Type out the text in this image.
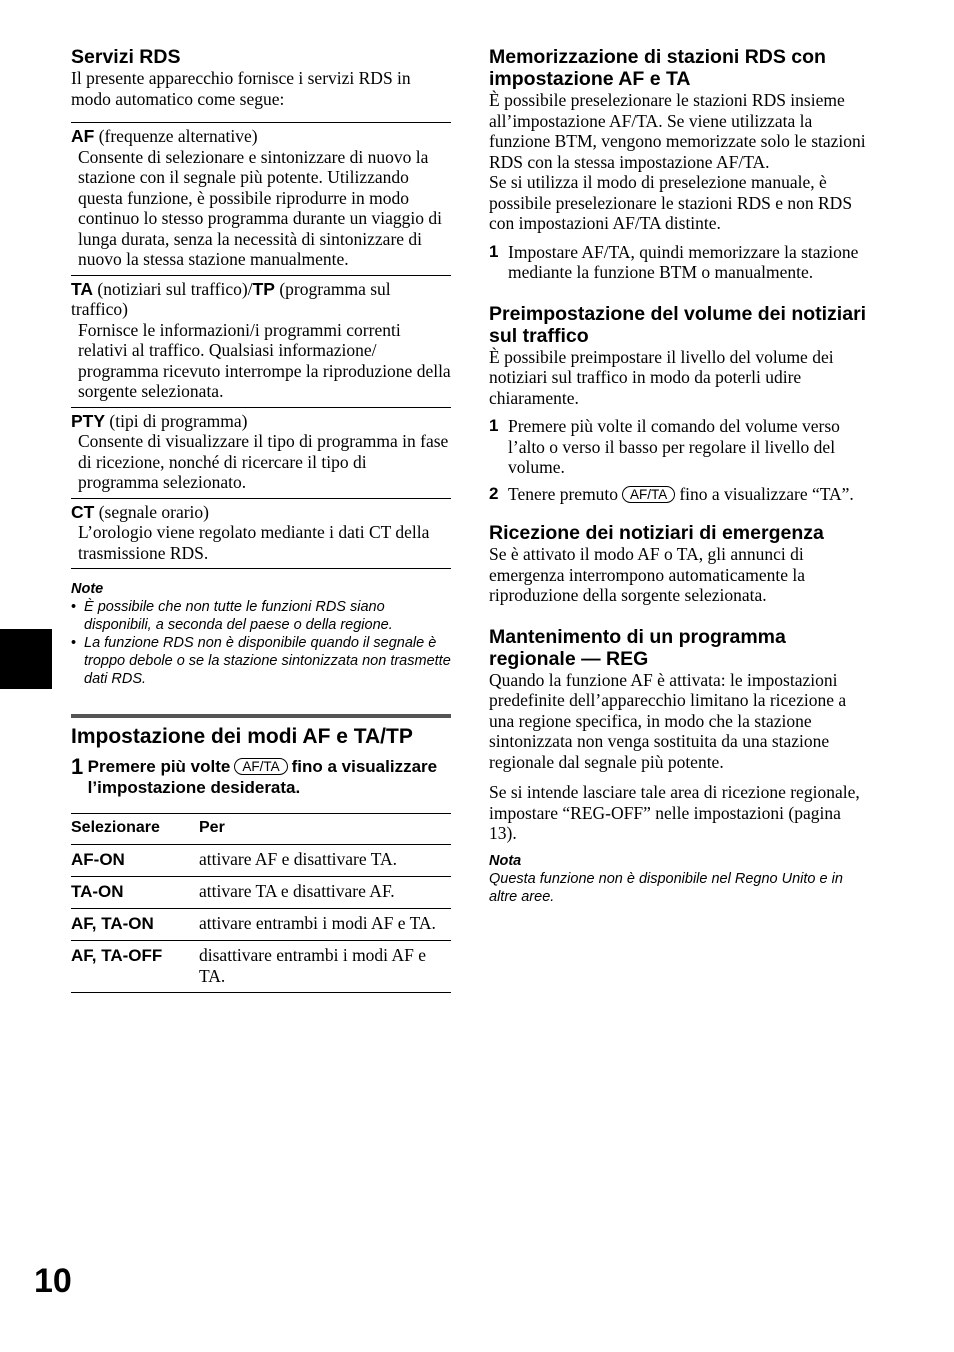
Servizi RDS

Il presente apparecchio fornisce i servizi RDS in modo automatico come segue:

AF (frequenze alternative)
Consente di selezionare e sintonizzare di nuovo la stazione con il segnale più potente. Utilizzando questa funzione, è possibile riprodurre in modo continuo lo stesso programma durante un viaggio di lunga durata, senza la necessità di sintonizzare di nuovo la stessa stazione manualmente.
TA (notiziari sul traffico)/TP (programma sul traffico)
Fornisce le informazioni/i programmi correnti relativi al traffico. Qualsiasi informazione/ programma ricevuto interrompe la riproduzione della sorgente selezionata.
PTY (tipi di programma)
Consente di visualizzare il tipo di programma in fase di ricezione, nonché di ricercare il tipo di programma selezionato.
CT (segnale orario)
L’orologio viene regolato mediante i dati CT della trasmissione RDS.
Note
• È possibile che non tutte le funzioni RDS siano disponibili, a seconda del paese o della regione.
• La funzione RDS non è disponibile quando il segnale è troppo debole o se la stazione sintonizzata non trasmette dati RDS.
Impostazione dei modi AF e TA/TP
1 Premere più volte AF/TA fino a visualizzare l’impostazione desiderata.
Selezionare	Per
AF-ON	attivare AF e disattivare TA.
TA-ON	attivare TA e disattivare AF.
AF, TA-ON	attivare entrambi i modi AF e TA.
AF, TA-OFF	disattivare entrambi i modi AF e TA.
Memorizzazione di stazioni RDS con impostazione AF e TA

È possibile preselezionare le stazioni RDS insieme all’impostazione AF/TA. Se viene utilizzata la funzione BTM, vengono memorizzate solo le stazioni RDS con la stessa impostazione AF/TA.

Se si utilizza il modo di preselezione manuale, è possibile preselezionare le stazioni RDS e non RDS con impostazioni AF/TA distinte.

1 Impostare AF/TA, quindi memorizzare la stazione mediante la funzione BTM o manualmente.
Preimpostazione del volume dei notiziari sul traffico

È possibile preimpostare il livello del volume dei notiziari sul traffico in modo da poterli udire chiaramente.

1 Premere più volte il comando del volume verso l’alto o verso il basso per regolare il livello del volume.
2 Tenere premuto AF/TA fino a visualizzare “TA”.
Ricezione dei notiziari di emergenza

Se è attivato il modo AF o TA, gli annunci di emergenza interrompono automaticamente la riproduzione della sorgente selezionata.

Mantenimento di un programma regionale — REG

Quando la funzione AF è attivata: le impostazioni predefinite dell’apparecchio limitano la ricezione a una regione specifica, in modo che la stazione sintonizzata non venga sostituita da una stazione regionale dal segnale più potente.

Se si intende lasciare tale area di ricezione regionale, impostare “REG-OFF” nelle impostazioni (pagina 13).

Nota
Questa funzione non è disponibile nel Regno Unito e in altre aree.
10
